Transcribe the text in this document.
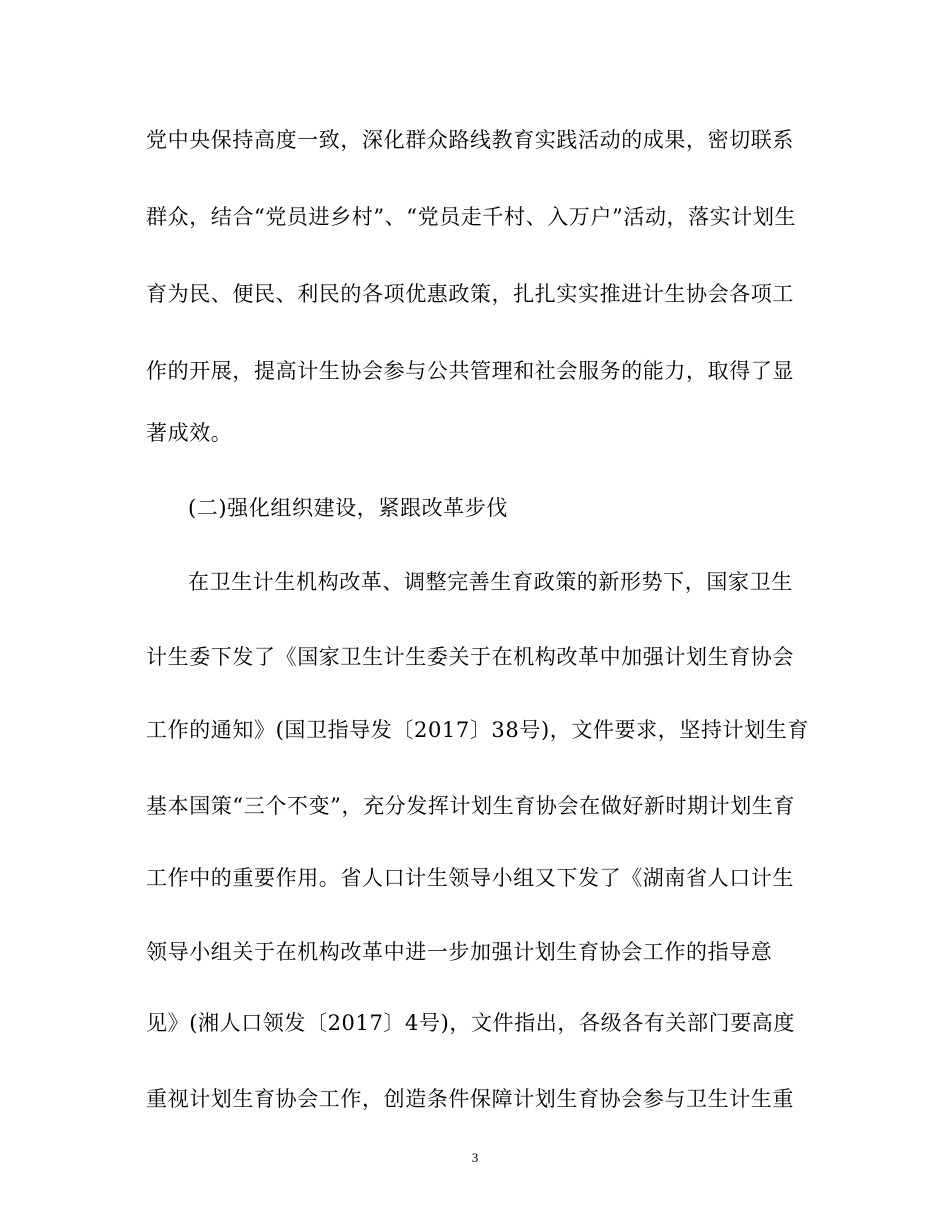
党中央保持高度一致，深化群众路线教育实践活动的成果，密切联系
群众，结合“党员进乡村”、“党员走千村、入万户”活动，落实计划生
育为民、便民、利民的各项优惠政策，扎扎实实推进计生协会各项工
作的开展，提高计生协会参与公共管理和社会服务的能力，取得了显
著成效。
(二)强化组织建设，紧跟改革步伐
在卫生计生机构改革、调整完善生育政策的新形势下，国家卫生
计生委下发了《国家卫生计生委关于在机构改革中加强计划生育协会
工作的通知》(国卫指导发〔2017〕38号)，文件要求，坚持计划生育
基本国策“三个不变”，充分发挥计划生育协会在做好新时期计划生育
工作中的重要作用。省人口计生领导小组又下发了《湖南省人口计生
领导小组关于在机构改革中进一步加强计划生育协会工作的指导意
见》(湘人口领发〔2017〕4号)，文件指出，各级各有关部门要高度
重视计划生育协会工作，创造条件保障计划生育协会参与卫生计生重
3
